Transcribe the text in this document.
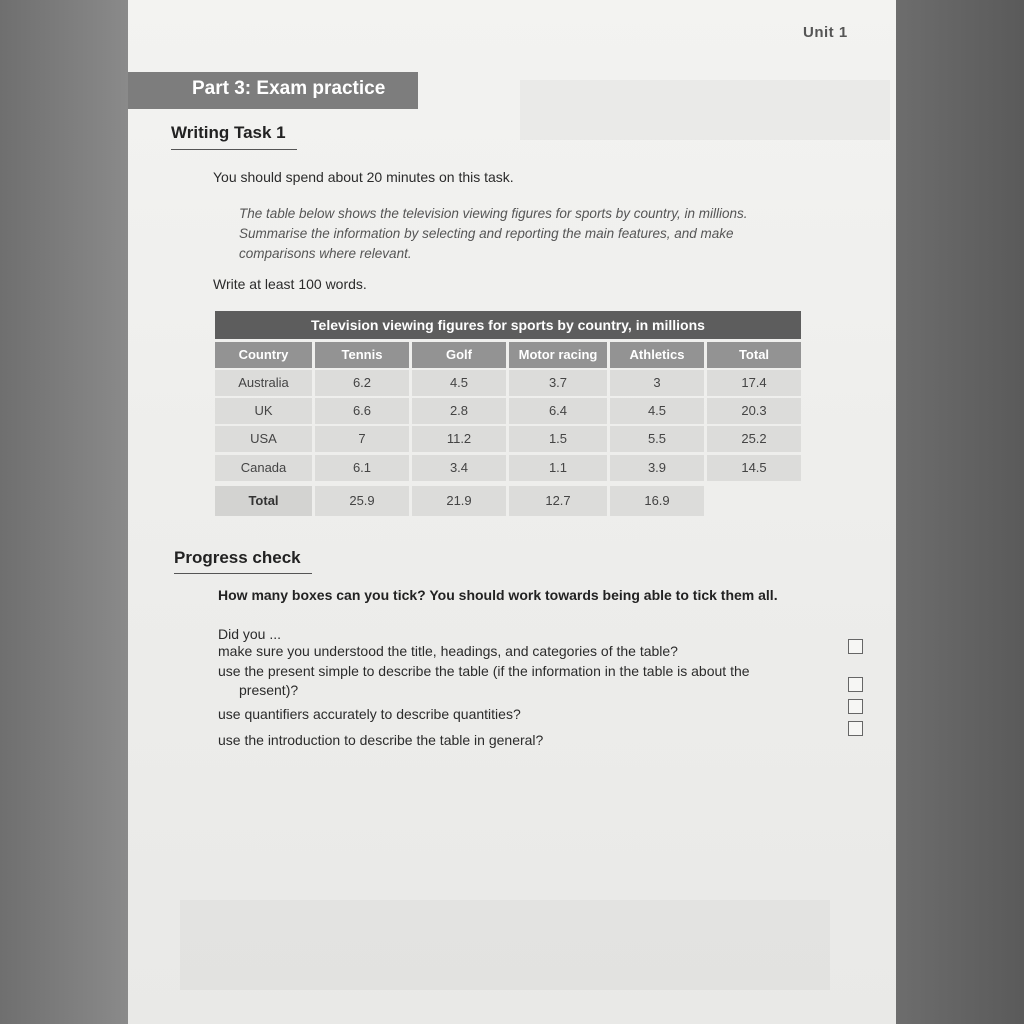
Unit 1
Part 3: Exam practice
Writing Task 1
You should spend about 20 minutes on this task.
The table below shows the television viewing figures for sports by country, in millions.
Summarise the information by selecting and reporting the main features, and make
comparisons where relevant.
Write at least 100 words.
Television viewing figures for sports by country, in millions
Country	Tennis	Golf	Motor racing	Athletics	Total
Australia	6.2	4.5	3.7	3	17.4
UK	6.6	2.8	6.4	4.5	20.3
USA	7	11.2	1.5	5.5	25.2
Canada	6.1	3.4	1.1	3.9	14.5
Total	25.9	21.9	12.7	16.9
Progress check
How many boxes can you tick? You should work towards being able to tick them all.
Did you ...
make sure you understood the title, headings, and categories of the table?
use the present simple to describe the table (if the information in the table is about the
present)?
use quantifiers accurately to describe quantities?
use the introduction to describe the table in general?
